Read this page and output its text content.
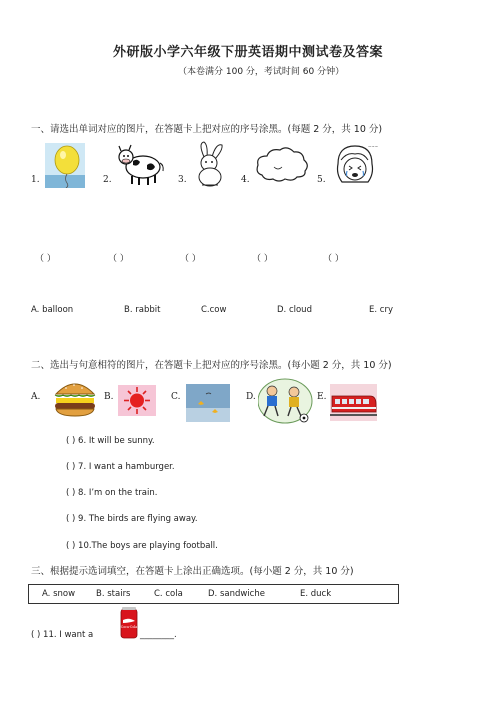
外研版小学六年级下册英语期中测试卷及答案
（本卷满分 100 分，考试时间 60 分钟）
一、请选出单词对应的图片，在答题卡上把对应的序号涂黑。(每题 2 分，共 10 分)
1.	2.	3.	4.	5.
~~~
（ ）	（ ）	（ ）	（ ）	（ ）
A. balloon	B. rabbit	C.cow	D. cloud	E. cry
二、选出与句意相符的图片，在答题卡上把对应的序号涂黑。(每小题 2 分，共 10 分)
A.	B.	C.	D.	E.
( ) 6. It will be sunny.
( ) 7. I want a hamburger.
( ) 8. I’m on the train.
( ) 9. The birds are flying away.
( ) 10.The boys are playing football.
三、根据提示选词填空，在答题卡上涂出正确选项。(每小题 2 分，共 10 分)
A. snow B. stairs	C. cola	D. sandwiche	E. duck
( ) 11. I want a
Coca-Cola
________.
